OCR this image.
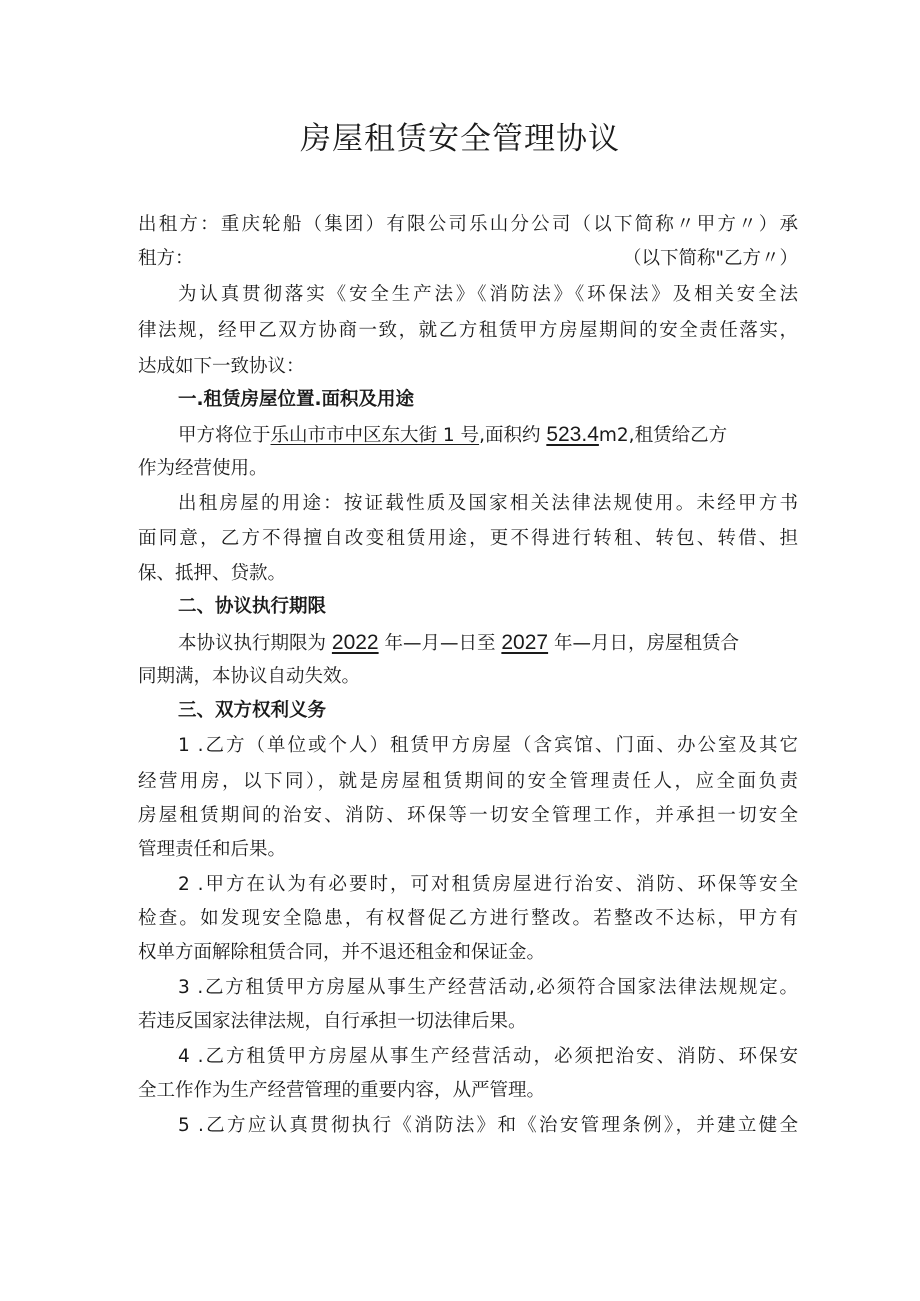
房屋租赁安全管理协议

出租方：重庆轮船（集团）有限公司乐山分公司（以下简称〃甲方〃）承

租方：	（以下简称"乙方〃）

为认真贯彻落实《安全生产法》《消防法》《环保法》及相关安全法

律法规，经甲乙双方协商一致，就乙方租赁甲方房屋期间的安全责任落实，

达成如下一致协议：

一.租赁房屋位置.面积及用途

甲方将位于乐山市市中区东大街 1 号,面积约 523.4m2,租赁给乙方

作为经营使用。

出租房屋的用途：按证载性质及国家相关法律法规使用。未经甲方书

面同意，乙方不得擅自改变租赁用途，更不得进行转租、转包、转借、担

保、抵押、贷款。

二、协议执行期限

本协议执行期限为 2022 年—月—日至 2027 年—月日，房屋租赁合

同期满，本协议自动失效。

三、双方权利义务

1 .乙方（单位或个人）租赁甲方房屋（含宾馆、门面、办公室及其它

经营用房，以下同），就是房屋租赁期间的安全管理责任人，应全面负责

房屋租赁期间的治安、消防、环保等一切安全管理工作，并承担一切安全

管理责任和后果。

2 .甲方在认为有必要时，可对租赁房屋进行治安、消防、环保等安全

检查。如发现安全隐患，有权督促乙方进行整改。若整改不达标，甲方有

权单方面解除租赁合同，并不退还租金和保证金。

3 .乙方租赁甲方房屋从事生产经营活动,必须符合国家法律法规规定。

若违反国家法律法规，自行承担一切法律后果。

4 .乙方租赁甲方房屋从事生产经营活动，必须把治安、消防、环保安

全工作作为生产经营管理的重要内容，从严管理。

5 .乙方应认真贯彻执行《消防法》和《治安管理条例》，并建立健全
